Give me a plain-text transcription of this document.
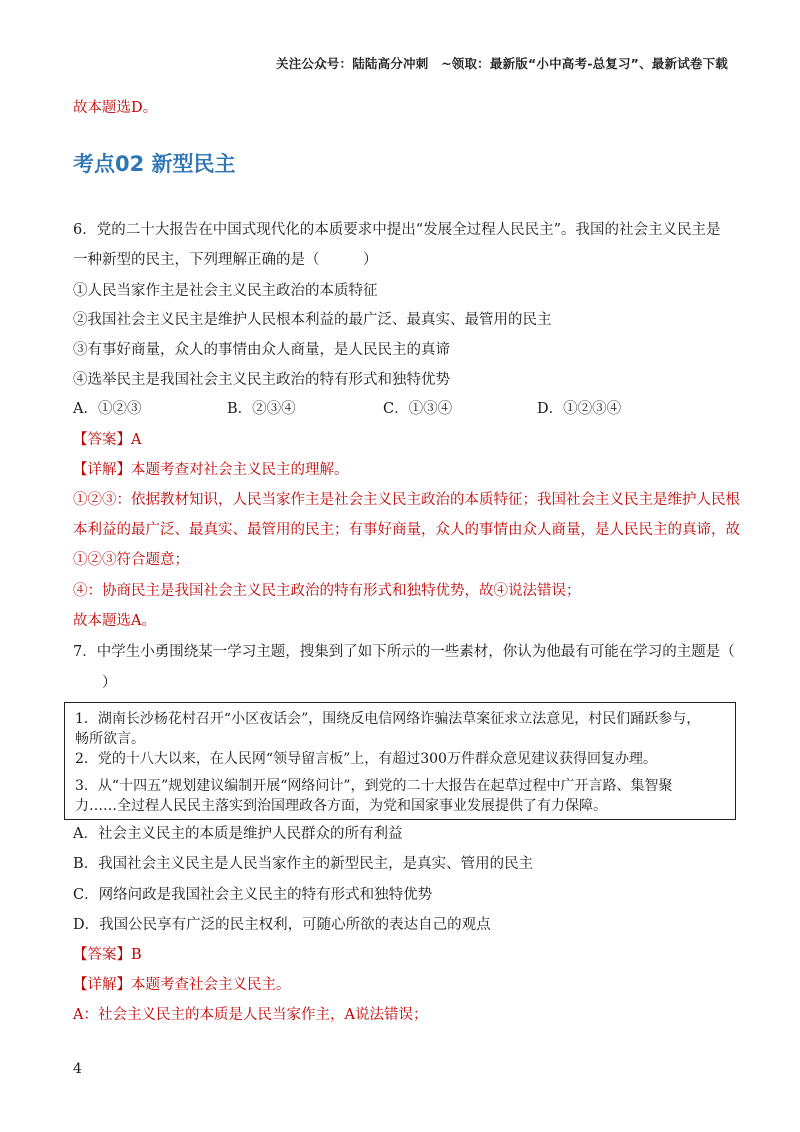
关注公众号：陆陆高分冲刺　~领取：最新版“小中高考-总复习”、最新试卷下载
故本题选D。
考点02 新型民主
6．党的二十大报告在中国式现代化的本质要求中提出“发展全过程人民民主”。我国的社会主义民主是
一种新型的民主，下列理解正确的是（　　　）
①人民当家作主是社会主义民主政治的本质特征
②我国社会主义民主是维护人民根本利益的最广泛、最真实、最管用的民主
③有事好商量，众人的事情由众人商量，是人民民主的真谛
④选举民主是我国社会主义民主政治的特有形式和独特优势
A．①②③	B．②③④	C．①③④	D．①②③④
【答案】A
【详解】本题考查对社会主义民主的理解。
①②③：依据教材知识，人民当家作主是社会主义民主政治的本质特征；我国社会主义民主是维护人民根
本利益的最广泛、最真实、最管用的民主；有事好商量，众人的事情由众人商量，是人民民主的真谛，故
①②③符合题意；
④：协商民主是我国社会主义民主政治的特有形式和独特优势，故④说法错误；
故本题选A。
7．中学生小勇围绕某一学习主题，搜集到了如下所示的一些素材，你认为他最有可能在学习的主题是（
）
1．湖南长沙杨花村召开“小区夜话会”，围绕反电信网络诈骗法草案征求立法意见，村民们踊跃参与，
畅所欲言。
2．党的十八大以来，在人民网“领导留言板”上，有超过300万件群众意见建议获得回复办理。
3．从“十四五”规划建议编制开展“网络问计”，到党的二十大报告在起草过程中广开言路、集智聚
力……全过程人民民主落实到治国理政各方面，为党和国家事业发展提供了有力保障。
A．社会主义民主的本质是维护人民群众的所有利益
B．我国社会主义民主是人民当家作主的新型民主，是真实、管用的民主
C．网络问政是我国社会主义民主的特有形式和独特优势
D．我国公民享有广泛的民主权利，可随心所欲的表达自己的观点
【答案】B
【详解】本题考查社会主义民主。
A：社会主义民主的本质是人民当家作主，A说法错误；
4
